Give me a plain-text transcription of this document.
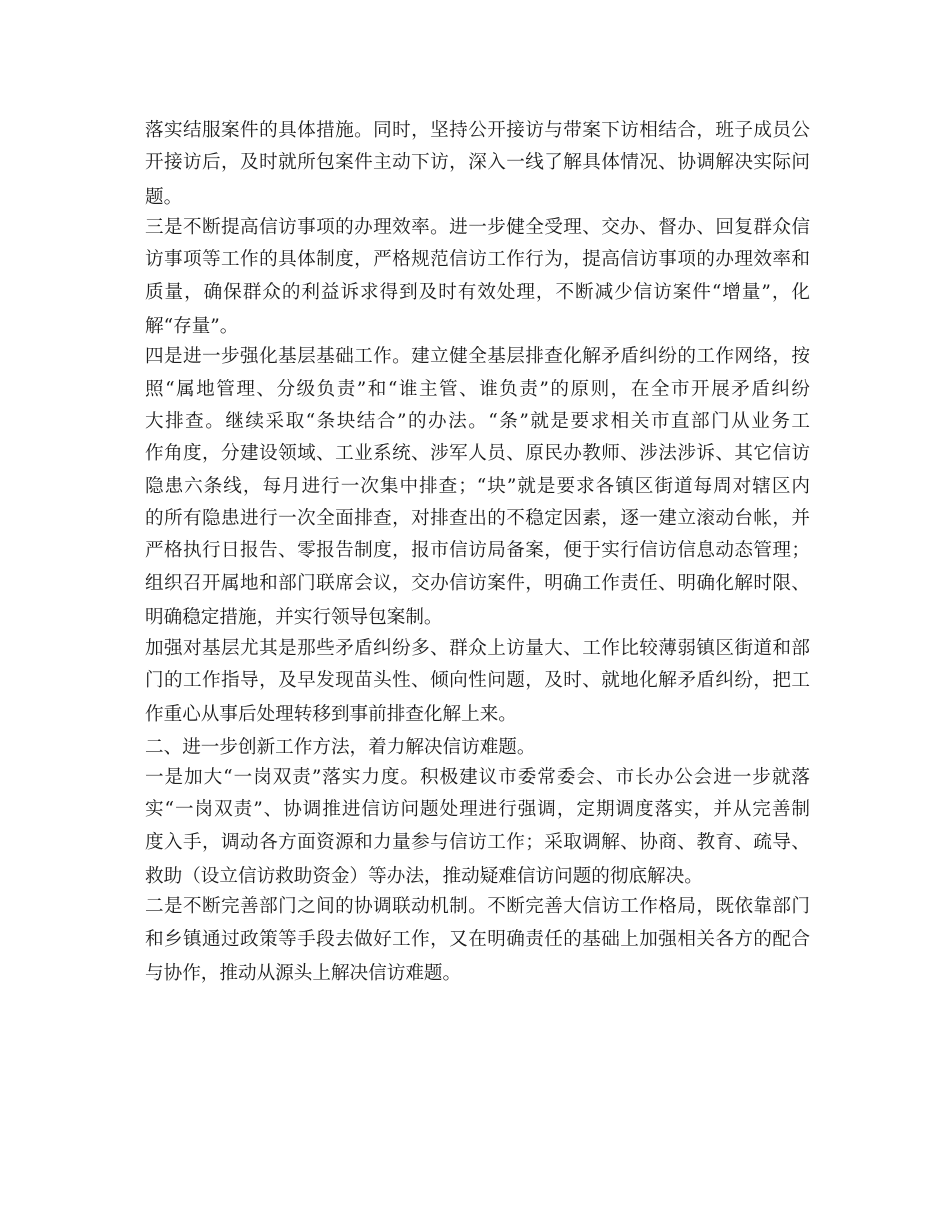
落实结服案件的具体措施。同时，坚持公开接访与带案下访相结合，班子成员公
开接访后，及时就所包案件主动下访，深入一线了解具体情况、协调解决实际问
题。
三是不断提高信访事项的办理效率。进一步健全受理、交办、督办、回复群众信
访事项等工作的具体制度，严格规范信访工作行为，提高信访事项的办理效率和
质量，确保群众的利益诉求得到及时有效处理，不断减少信访案件“增量”，化
解“存量”。
四是进一步强化基层基础工作。建立健全基层排查化解矛盾纠纷的工作网络，按
照“属地管理、分级负责”和“谁主管、谁负责”的原则，在全市开展矛盾纠纷
大排查。继续采取“条块结合”的办法。“条”就是要求相关市直部门从业务工
作角度，分建设领域、工业系统、涉军人员、原民办教师、涉法涉诉、其它信访
隐患六条线，每月进行一次集中排查；“块”就是要求各镇区街道每周对辖区内
的所有隐患进行一次全面排查，对排查出的不稳定因素，逐一建立滚动台帐，并
严格执行日报告、零报告制度，报市信访局备案，便于实行信访信息动态管理；
组织召开属地和部门联席会议，交办信访案件，明确工作责任、明确化解时限、
明确稳定措施，并实行领导包案制。
加强对基层尤其是那些矛盾纠纷多、群众上访量大、工作比较薄弱镇区街道和部
门的工作指导，及早发现苗头性、倾向性问题，及时、就地化解矛盾纠纷，把工
作重心从事后处理转移到事前排查化解上来。
二、进一步创新工作方法，着力解决信访难题。
一是加大“一岗双责”落实力度。积极建议市委常委会、市长办公会进一步就落
实“一岗双责”、协调推进信访问题处理进行强调，定期调度落实，并从完善制
度入手，调动各方面资源和力量参与信访工作；采取调解、协商、教育、疏导、
救助（设立信访救助资金）等办法，推动疑难信访问题的彻底解决。
二是不断完善部门之间的协调联动机制。不断完善大信访工作格局，既依靠部门
和乡镇通过政策等手段去做好工作，又在明确责任的基础上加强相关各方的配合
与协作，推动从源头上解决信访难题。
